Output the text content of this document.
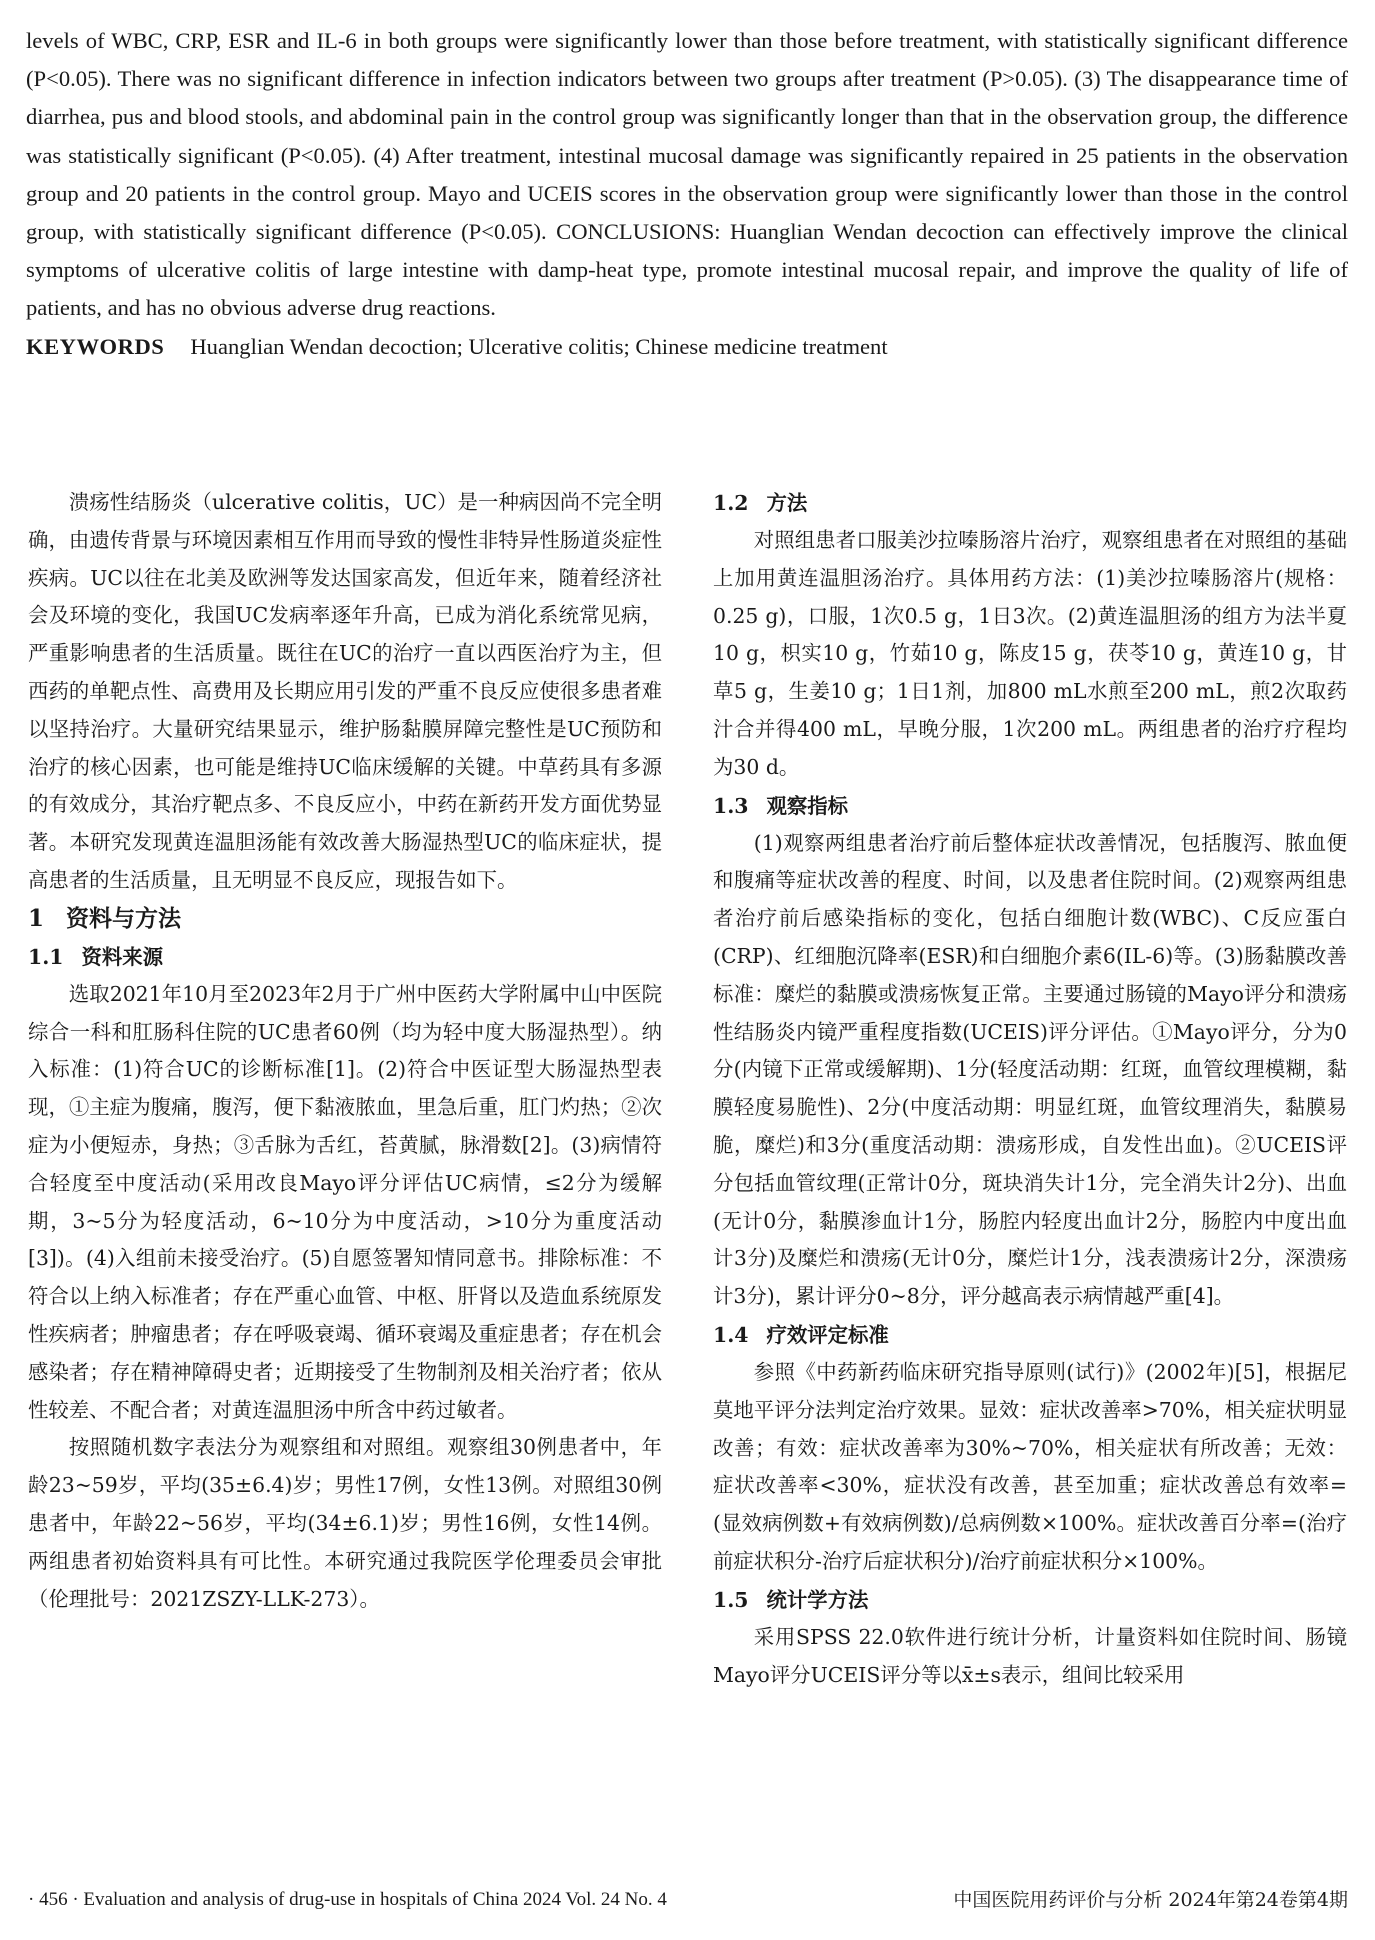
levels of WBC, CRP, ESR and IL-6 in both groups were significantly lower than those before treatment, with statistically significant difference (P<0.05). There was no significant difference in infection indicators between two groups after treatment (P>0.05). (3) The disappearance time of diarrhea, pus and blood stools, and abdominal pain in the control group was significantly longer than that in the observation group, the difference was statistically significant (P<0.05). (4) After treatment, intestinal mucosal damage was significantly repaired in 25 patients in the observation group and 20 patients in the control group. Mayo and UCEIS scores in the observation group were significantly lower than those in the control group, with statistically significant difference (P<0.05). CONCLUSIONS: Huanglian Wendan decoction can effectively improve the clinical symptoms of ulcerative colitis of large intestine with damp-heat type, promote intestinal mucosal repair, and improve the quality of life of patients, and has no obvious adverse drug reactions.

KEYWORDS Huanglian Wendan decoction; Ulcerative colitis; Chinese medicine treatment

溃疡性结肠炎（ulcerative colitis，UC）是一种病因尚不完全明确，由遗传背景与环境因素相互作用而导致的慢性非特异性肠道炎症性疾病。UC以往在北美及欧洲等发达国家高发，但近年来，随着经济社会及环境的变化，我国UC发病率逐年升高，已成为消化系统常见病，严重影响患者的生活质量。既往在UC的治疗一直以西医治疗为主，但西药的单靶点性、高费用及长期应用引发的严重不良反应使很多患者难以坚持治疗。大量研究结果显示，维护肠黏膜屏障完整性是UC预防和治疗的核心因素，也可能是维持UC临床缓解的关键。中草药具有多源的有效成分，其治疗靶点多、不良反应小，中药在新药开发方面优势显著。本研究发现黄连温胆汤能有效改善大肠湿热型UC的临床症状，提高患者的生活质量，且无明显不良反应，现报告如下。

1 资料与方法
1.1 资料来源

选取2021年10月至2023年2月于广州中医药大学附属中山中医院综合一科和肛肠科住院的UC患者60例（均为轻中度大肠湿热型）。纳入标准：(1)符合UC的诊断标准[1]。(2)符合中医证型大肠湿热型表现，①主症为腹痛，腹泻，便下黏液脓血，里急后重，肛门灼热；②次症为小便短赤，身热；③舌脉为舌红，苔黄腻，脉滑数[2]。(3)病情符合轻度至中度活动(采用改良Mayo评分评估UC病情，≤2分为缓解期，3~5分为轻度活动，6~10分为中度活动，>10分为重度活动[3])。(4)入组前未接受治疗。(5)自愿签署知情同意书。排除标准：不符合以上纳入标准者；存在严重心血管、中枢、肝肾以及造血系统原发性疾病者；肿瘤患者；存在呼吸衰竭、循环衰竭及重症患者；存在机会感染者；存在精神障碍史者；近期接受了生物制剂及相关治疗者；依从性较差、不配合者；对黄连温胆汤中所含中药过敏者。

按照随机数字表法分为观察组和对照组。观察组30例患者中，年龄23~59岁，平均(35±6.4)岁；男性17例，女性13例。对照组30例患者中，年龄22~56岁，平均(34±6.1)岁；男性16例，女性14例。两组患者初始资料具有可比性。本研究通过我院医学伦理委员会审批（伦理批号：2021ZSZY-LLK-273）。

1.2 方法

对照组患者口服美沙拉嗪肠溶片治疗，观察组患者在对照组的基础上加用黄连温胆汤治疗。具体用药方法：(1)美沙拉嗪肠溶片(规格：0.25 g)，口服，1次0.5 g，1日3次。(2)黄连温胆汤的组方为法半夏10 g，枳实10 g，竹茹10 g，陈皮15 g，茯苓10 g，黄连10 g，甘草5 g，生姜10 g；1日1剂，加800 mL水煎至200 mL，煎2次取药汁合并得400 mL，早晚分服，1次200 mL。两组患者的治疗疗程均为30 d。

1.3 观察指标

(1)观察两组患者治疗前后整体症状改善情况，包括腹泻、脓血便和腹痛等症状改善的程度、时间，以及患者住院时间。(2)观察两组患者治疗前后感染指标的变化，包括白细胞计数(WBC)、C反应蛋白(CRP)、红细胞沉降率(ESR)和白细胞介素6(IL-6)等。(3)肠黏膜改善标准：糜烂的黏膜或溃疡恢复正常。主要通过肠镜的Mayo评分和溃疡性结肠炎内镜严重程度指数(UCEIS)评分评估。①Mayo评分，分为0分(内镜下正常或缓解期)、1分(轻度活动期：红斑，血管纹理模糊，黏膜轻度易脆性)、2分(中度活动期：明显红斑，血管纹理消失，黏膜易脆，糜烂)和3分(重度活动期：溃疡形成，自发性出血)。②UCEIS评分包括血管纹理(正常计0分，斑块消失计1分，完全消失计2分)、出血(无计0分，黏膜渗血计1分，肠腔内轻度出血计2分，肠腔内中度出血计3分)及糜烂和溃疡(无计0分，糜烂计1分，浅表溃疡计2分，深溃疡计3分)，累计评分0~8分，评分越高表示病情越严重[4]。

1.4 疗效评定标准

参照《中药新药临床研究指导原则(试行)》(2002年)[5]，根据尼莫地平评分法判定治疗效果。显效：症状改善率>70%，相关症状明显改善；有效：症状改善率为30%~70%，相关症状有所改善；无效：症状改善率<30%，症状没有改善，甚至加重；症状改善总有效率=(显效病例数+有效病例数)/总病例数×100%。症状改善百分率=(治疗前症状积分-治疗后症状积分)/治疗前症状积分×100%。

1.5 统计学方法

采用SPSS 22.0软件进行统计分析，计量资料如住院时间、肠镜Mayo评分UCEIS评分等以x̄±s表示，组间比较采用

· 456 · Evaluation and analysis of drug-use in hospitals of China 2024 Vol. 24 No. 4	中国医院用药评价与分析 2024年第24卷第4期
